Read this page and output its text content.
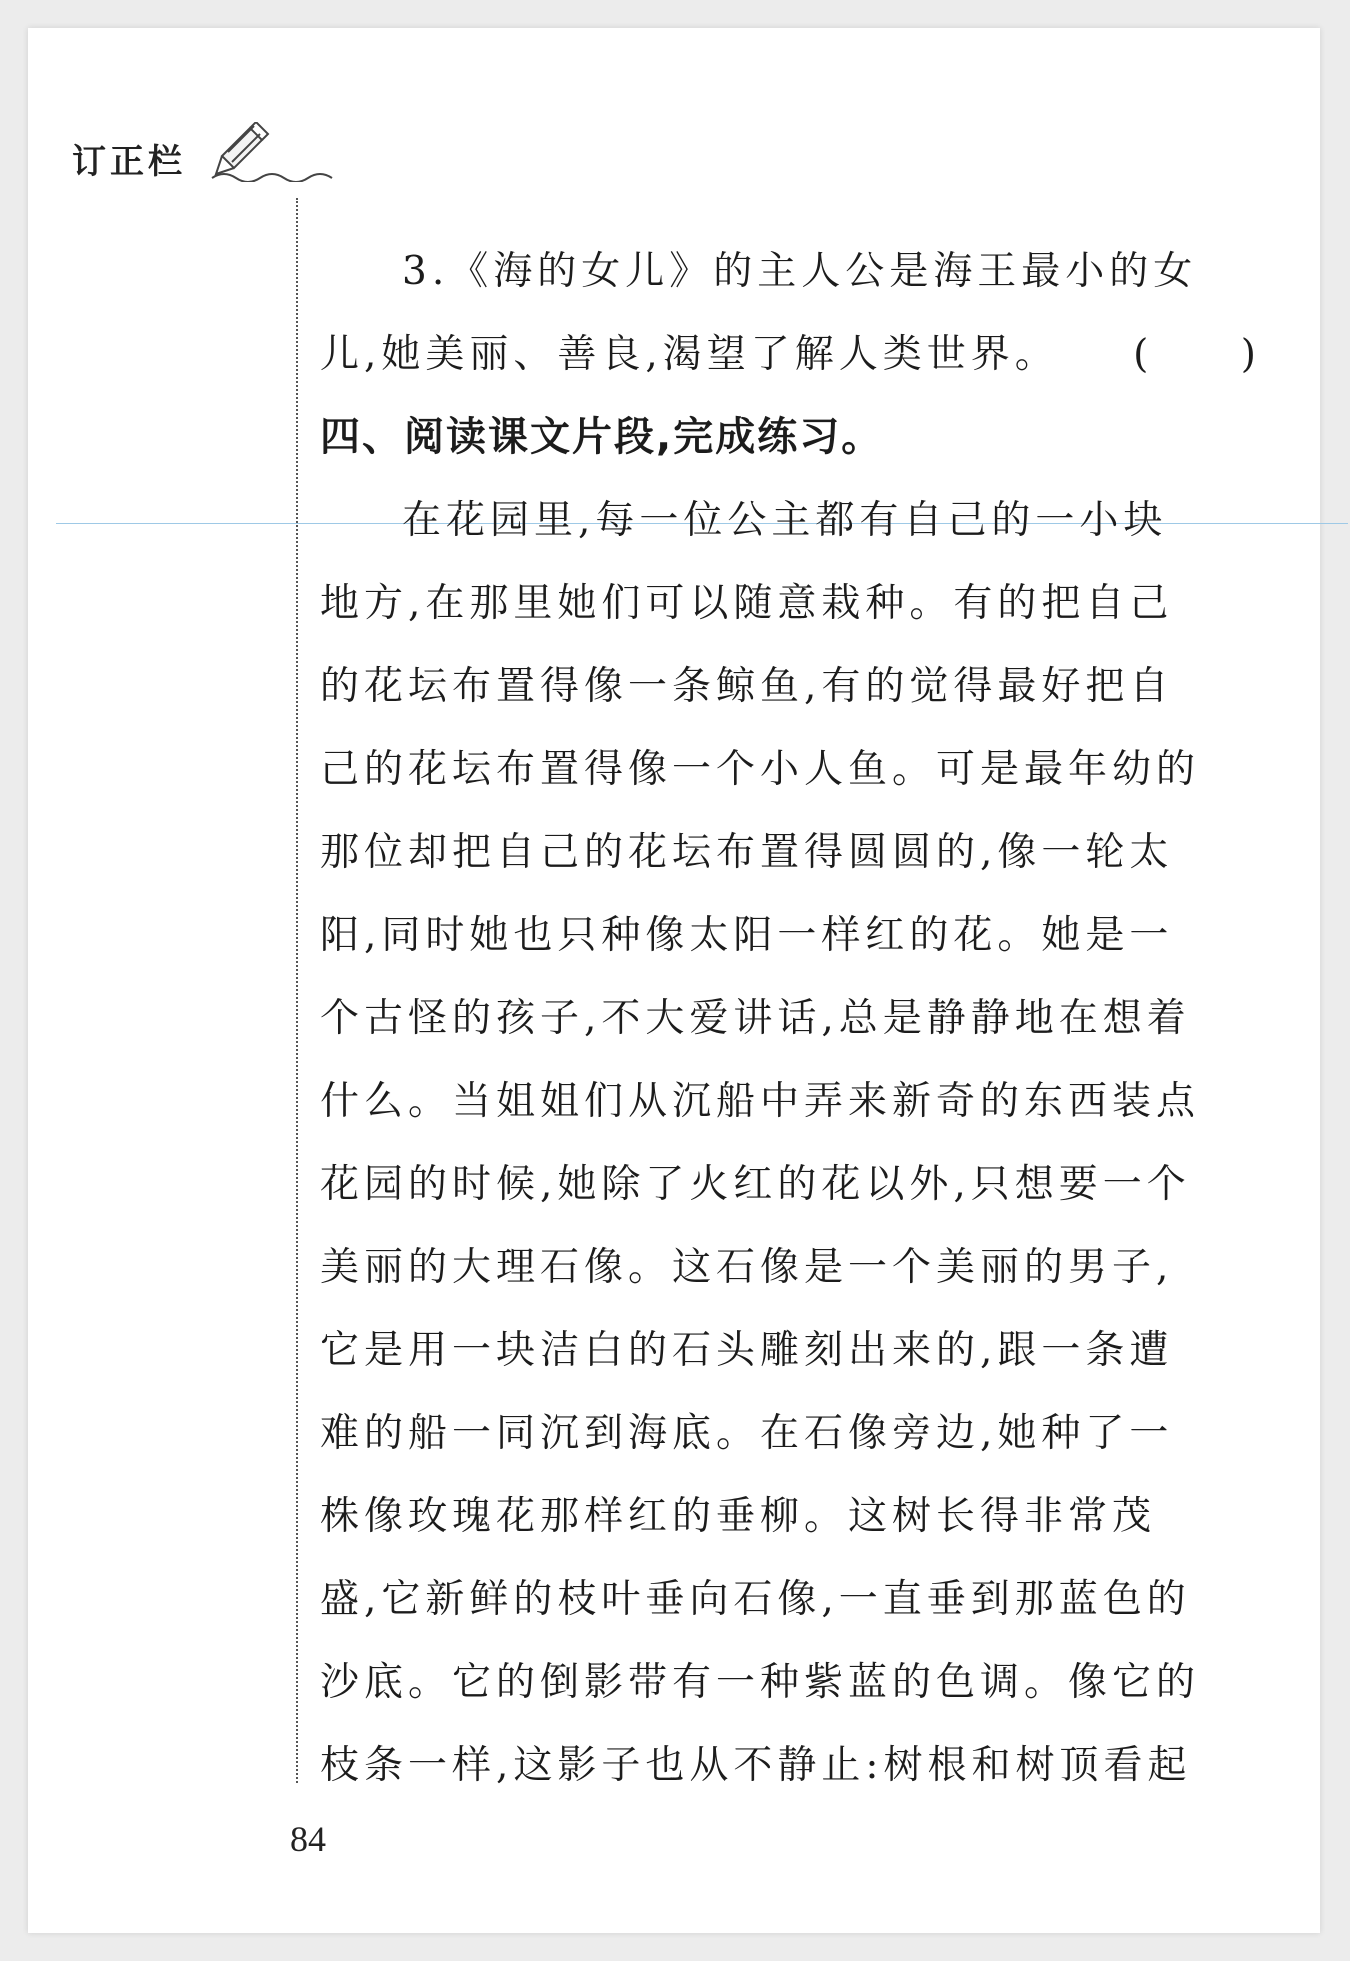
订正栏
3.《海的女儿》的主人公是海王最小的女
儿,她美丽、善良,渴望了解人类世界。 ( )
四、阅读课文片段,完成练习。
在花园里,每一位公主都有自己的一小块
地方,在那里她们可以随意栽种。有的把自己
的花坛布置得像一条鲸鱼,有的觉得最好把自
己的花坛布置得像一个小人鱼。可是最年幼的
那位却把自己的花坛布置得圆圆的,像一轮太
阳,同时她也只种像太阳一样红的花。她是一
个古怪的孩子,不大爱讲话,总是静静地在想着
什么。当姐姐们从沉船中弄来新奇的东西装点
花园的时候,她除了火红的花以外,只想要一个
美丽的大理石像。这石像是一个美丽的男子,
它是用一块洁白的石头雕刻出来的,跟一条遭
难的船一同沉到海底。在石像旁边,她种了一
株像玫瑰花那样红的垂柳。这树长得非常茂
盛,它新鲜的枝叶垂向石像,一直垂到那蓝色的
沙底。它的倒影带有一种紫蓝的色调。像它的
枝条一样,这影子也从不静止:树根和树顶看起
84
